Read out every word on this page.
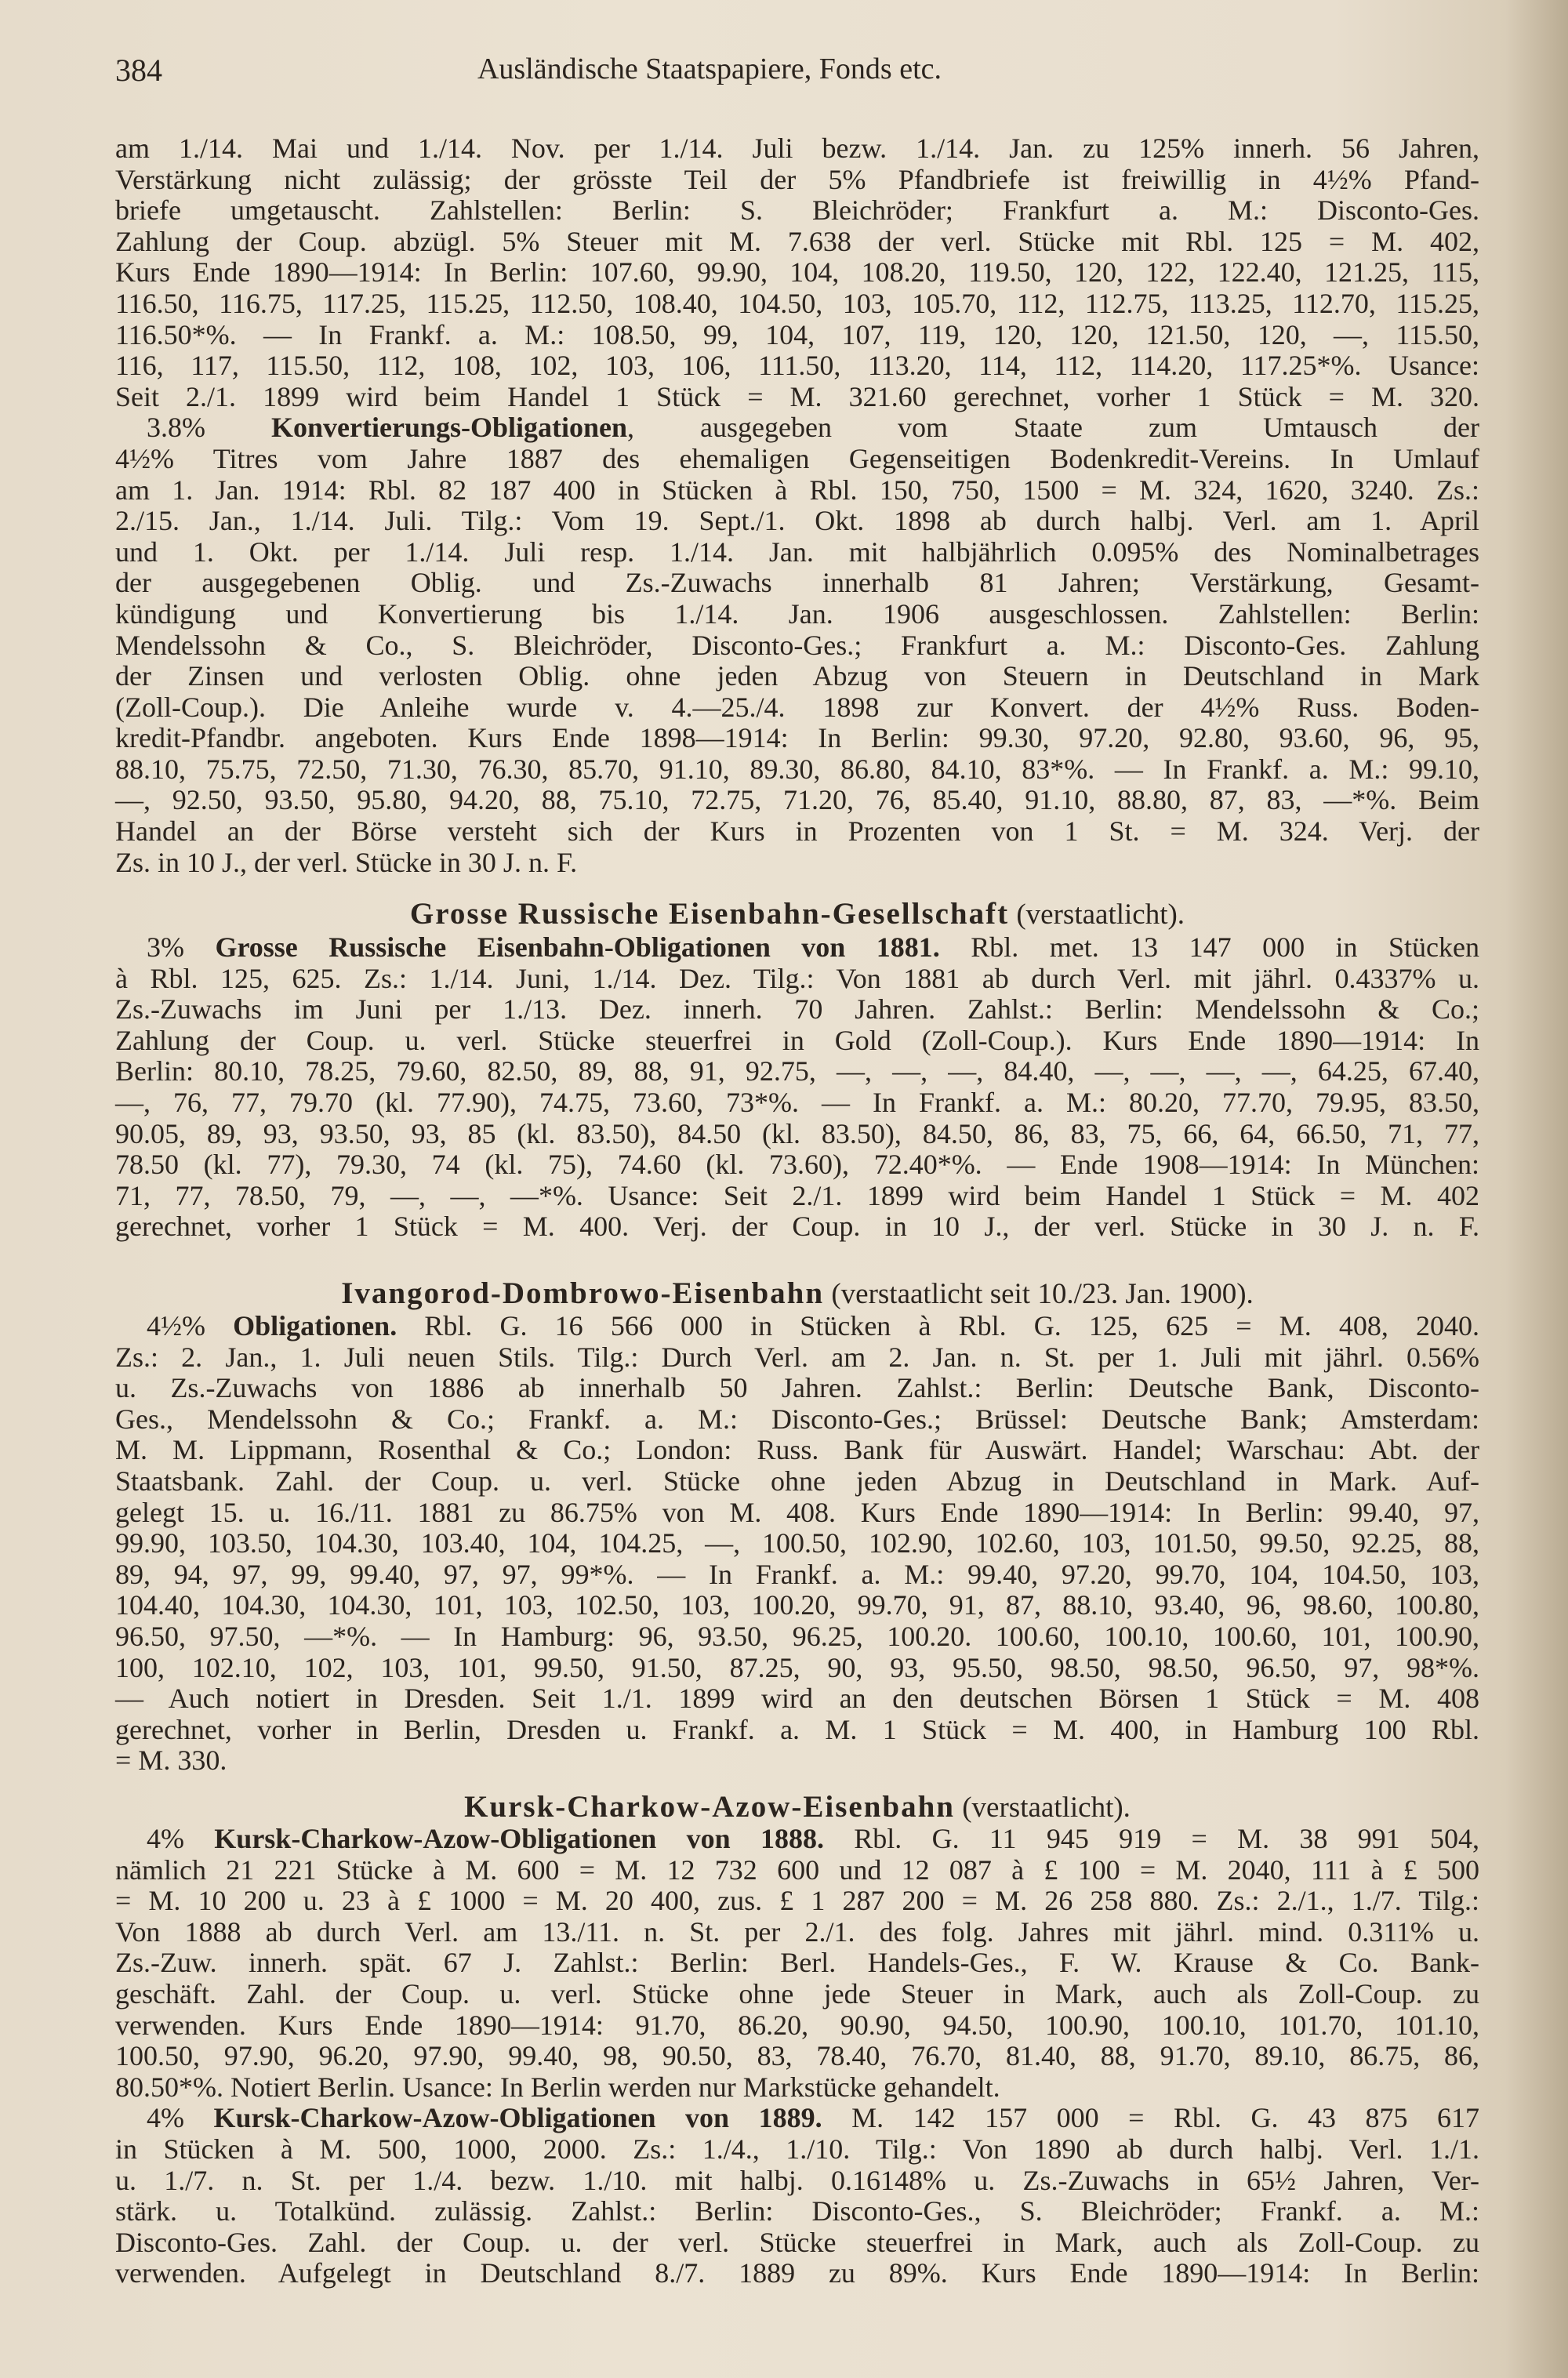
384	Ausländische Staatspapiere, Fonds etc.
am 1./14. Mai und 1./14. Nov. per 1./14. Juli bezw. 1./14. Jan. zu 125% innerh. 56 Jahren,
Verstärkung nicht zulässig; der grösste Teil der 5% Pfandbriefe ist freiwillig in 4½% Pfand-
briefe umgetauscht. Zahlstellen: Berlin: S. Bleichröder; Frankfurt a. M.: Disconto-Ges.
Zahlung der Coup. abzügl. 5% Steuer mit M. 7.638 der verl. Stücke mit Rbl. 125 = M. 402,
Kurs Ende 1890—1914: In Berlin: 107.60, 99.90, 104, 108.20, 119.50, 120, 122, 122.40, 121.25, 115,
116.50, 116.75, 117.25, 115.25, 112.50, 108.40, 104.50, 103, 105.70, 112, 112.75, 113.25, 112.70, 115.25,
116.50*%. — In Frankf. a. M.: 108.50, 99, 104, 107, 119, 120, 120, 121.50, 120, —, 115.50,
116, 117, 115.50, 112, 108, 102, 103, 106, 111.50, 113.20, 114, 112, 114.20, 117.25*%. Usance:
Seit 2./1. 1899 wird beim Handel 1 Stück = M. 321.60 gerechnet, vorher 1 Stück = M. 320.
3.8% Konvertierungs-Obligationen, ausgegeben vom Staate zum Umtausch der
4½% Titres vom Jahre 1887 des ehemaligen Gegenseitigen Bodenkredit-Vereins. In Umlauf
am 1. Jan. 1914: Rbl. 82 187 400 in Stücken à Rbl. 150, 750, 1500 = M. 324, 1620, 3240. Zs.:
2./15. Jan., 1./14. Juli. Tilg.: Vom 19. Sept./1. Okt. 1898 ab durch halbj. Verl. am 1. April
und 1. Okt. per 1./14. Juli resp. 1./14. Jan. mit halbjährlich 0.095% des Nominalbetrages
der ausgegebenen Oblig. und Zs.-Zuwachs innerhalb 81 Jahren; Verstärkung, Gesamt-
kündigung und Konvertierung bis 1./14. Jan. 1906 ausgeschlossen. Zahlstellen: Berlin:
Mendelssohn & Co., S. Bleichröder, Disconto-Ges.; Frankfurt a. M.: Disconto-Ges. Zahlung
der Zinsen und verlosten Oblig. ohne jeden Abzug von Steuern in Deutschland in Mark
(Zoll-Coup.). Die Anleihe wurde v. 4.—25./4. 1898 zur Konvert. der 4½% Russ. Boden-
kredit-Pfandbr. angeboten. Kurs Ende 1898—1914: In Berlin: 99.30, 97.20, 92.80, 93.60, 96, 95,
88.10, 75.75, 72.50, 71.30, 76.30, 85.70, 91.10, 89.30, 86.80, 84.10, 83*%. — In Frankf. a. M.: 99.10,
—, 92.50, 93.50, 95.80, 94.20, 88, 75.10, 72.75, 71.20, 76, 85.40, 91.10, 88.80, 87, 83, —*%. Beim
Handel an der Börse versteht sich der Kurs in Prozenten von 1 St. = M. 324. Verj. der
Zs. in 10 J., der verl. Stücke in 30 J. n. F.
Grosse Russische Eisenbahn-Gesellschaft (verstaatlicht).
3% Grosse Russische Eisenbahn-Obligationen von 1881. Rbl. met. 13 147 000 in Stücken
à Rbl. 125, 625. Zs.: 1./14. Juni, 1./14. Dez. Tilg.: Von 1881 ab durch Verl. mit jährl. 0.4337% u.
Zs.-Zuwachs im Juni per 1./13. Dez. innerh. 70 Jahren. Zahlst.: Berlin: Mendelssohn & Co.;
Zahlung der Coup. u. verl. Stücke steuerfrei in Gold (Zoll-Coup.). Kurs Ende 1890—1914: In
Berlin: 80.10, 78.25, 79.60, 82.50, 89, 88, 91, 92.75, —, —, —, 84.40, —, —, —, —, 64.25, 67.40,
—, 76, 77, 79.70 (kl. 77.90), 74.75, 73.60, 73*%. — In Frankf. a. M.: 80.20, 77.70, 79.95, 83.50,
90.05, 89, 93, 93.50, 93, 85 (kl. 83.50), 84.50 (kl. 83.50), 84.50, 86, 83, 75, 66, 64, 66.50, 71, 77,
78.50 (kl. 77), 79.30, 74 (kl. 75), 74.60 (kl. 73.60), 72.40*%. — Ende 1908—1914: In München:
71, 77, 78.50, 79, —, —, —*%. Usance: Seit 2./1. 1899 wird beim Handel 1 Stück = M. 402
gerechnet, vorher 1 Stück = M. 400. Verj. der Coup. in 10 J., der verl. Stücke in 30 J. n. F.
Ivangorod-Dombrowo-Eisenbahn (verstaatlicht seit 10./23. Jan. 1900).
4½% Obligationen. Rbl. G. 16 566 000 in Stücken à Rbl. G. 125, 625 = M. 408, 2040.
Zs.: 2. Jan., 1. Juli neuen Stils. Tilg.: Durch Verl. am 2. Jan. n. St. per 1. Juli mit jährl. 0.56%
u. Zs.-Zuwachs von 1886 ab innerhalb 50 Jahren. Zahlst.: Berlin: Deutsche Bank, Disconto-
Ges., Mendelssohn & Co.; Frankf. a. M.: Disconto-Ges.; Brüssel: Deutsche Bank; Amsterdam:
M. M. Lippmann, Rosenthal & Co.; London: Russ. Bank für Auswärt. Handel; Warschau: Abt. der
Staatsbank. Zahl. der Coup. u. verl. Stücke ohne jeden Abzug in Deutschland in Mark. Auf-
gelegt 15. u. 16./11. 1881 zu 86.75% von M. 408. Kurs Ende 1890—1914: In Berlin: 99.40, 97,
99.90, 103.50, 104.30, 103.40, 104, 104.25, —, 100.50, 102.90, 102.60, 103, 101.50, 99.50, 92.25, 88,
89, 94, 97, 99, 99.40, 97, 97, 99*%. — In Frankf. a. M.: 99.40, 97.20, 99.70, 104, 104.50, 103,
104.40, 104.30, 104.30, 101, 103, 102.50, 103, 100.20, 99.70, 91, 87, 88.10, 93.40, 96, 98.60, 100.80,
96.50, 97.50, —*%. — In Hamburg: 96, 93.50, 96.25, 100.20. 100.60, 100.10, 100.60, 101, 100.90,
100, 102.10, 102, 103, 101, 99.50, 91.50, 87.25, 90, 93, 95.50, 98.50, 98.50, 96.50, 97, 98*%.
— Auch notiert in Dresden. Seit 1./1. 1899 wird an den deutschen Börsen 1 Stück = M. 408
gerechnet, vorher in Berlin, Dresden u. Frankf. a. M. 1 Stück = M. 400, in Hamburg 100 Rbl.
= M. 330.
Kursk-Charkow-Azow-Eisenbahn (verstaatlicht).
4% Kursk-Charkow-Azow-Obligationen von 1888. Rbl. G. 11 945 919 = M. 38 991 504,
nämlich 21 221 Stücke à M. 600 = M. 12 732 600 und 12 087 à £ 100 = M. 2040, 111 à £ 500
= M. 10 200 u. 23 à £ 1000 = M. 20 400, zus. £ 1 287 200 = M. 26 258 880. Zs.: 2./1., 1./7. Tilg.:
Von 1888 ab durch Verl. am 13./11. n. St. per 2./1. des folg. Jahres mit jährl. mind. 0.311% u.
Zs.-Zuw. innerh. spät. 67 J. Zahlst.: Berlin: Berl. Handels-Ges., F. W. Krause & Co. Bank-
geschäft. Zahl. der Coup. u. verl. Stücke ohne jede Steuer in Mark, auch als Zoll-Coup. zu
verwenden. Kurs Ende 1890—1914: 91.70, 86.20, 90.90, 94.50, 100.90, 100.10, 101.70, 101.10,
100.50, 97.90, 96.20, 97.90, 99.40, 98, 90.50, 83, 78.40, 76.70, 81.40, 88, 91.70, 89.10, 86.75, 86,
80.50*%. Notiert Berlin. Usance: In Berlin werden nur Markstücke gehandelt.
4% Kursk-Charkow-Azow-Obligationen von 1889. M. 142 157 000 = Rbl. G. 43 875 617
in Stücken à M. 500, 1000, 2000. Zs.: 1./4., 1./10. Tilg.: Von 1890 ab durch halbj. Verl. 1./1.
u. 1./7. n. St. per 1./4. bezw. 1./10. mit halbj. 0.16148% u. Zs.-Zuwachs in 65½ Jahren, Ver-
stärk. u. Totalkünd. zulässig. Zahlst.: Berlin: Disconto-Ges., S. Bleichröder; Frankf. a. M.:
Disconto-Ges. Zahl. der Coup. u. der verl. Stücke steuerfrei in Mark, auch als Zoll-Coup. zu
verwenden. Aufgelegt in Deutschland 8./7. 1889 zu 89%. Kurs Ende 1890—1914: In Berlin:
